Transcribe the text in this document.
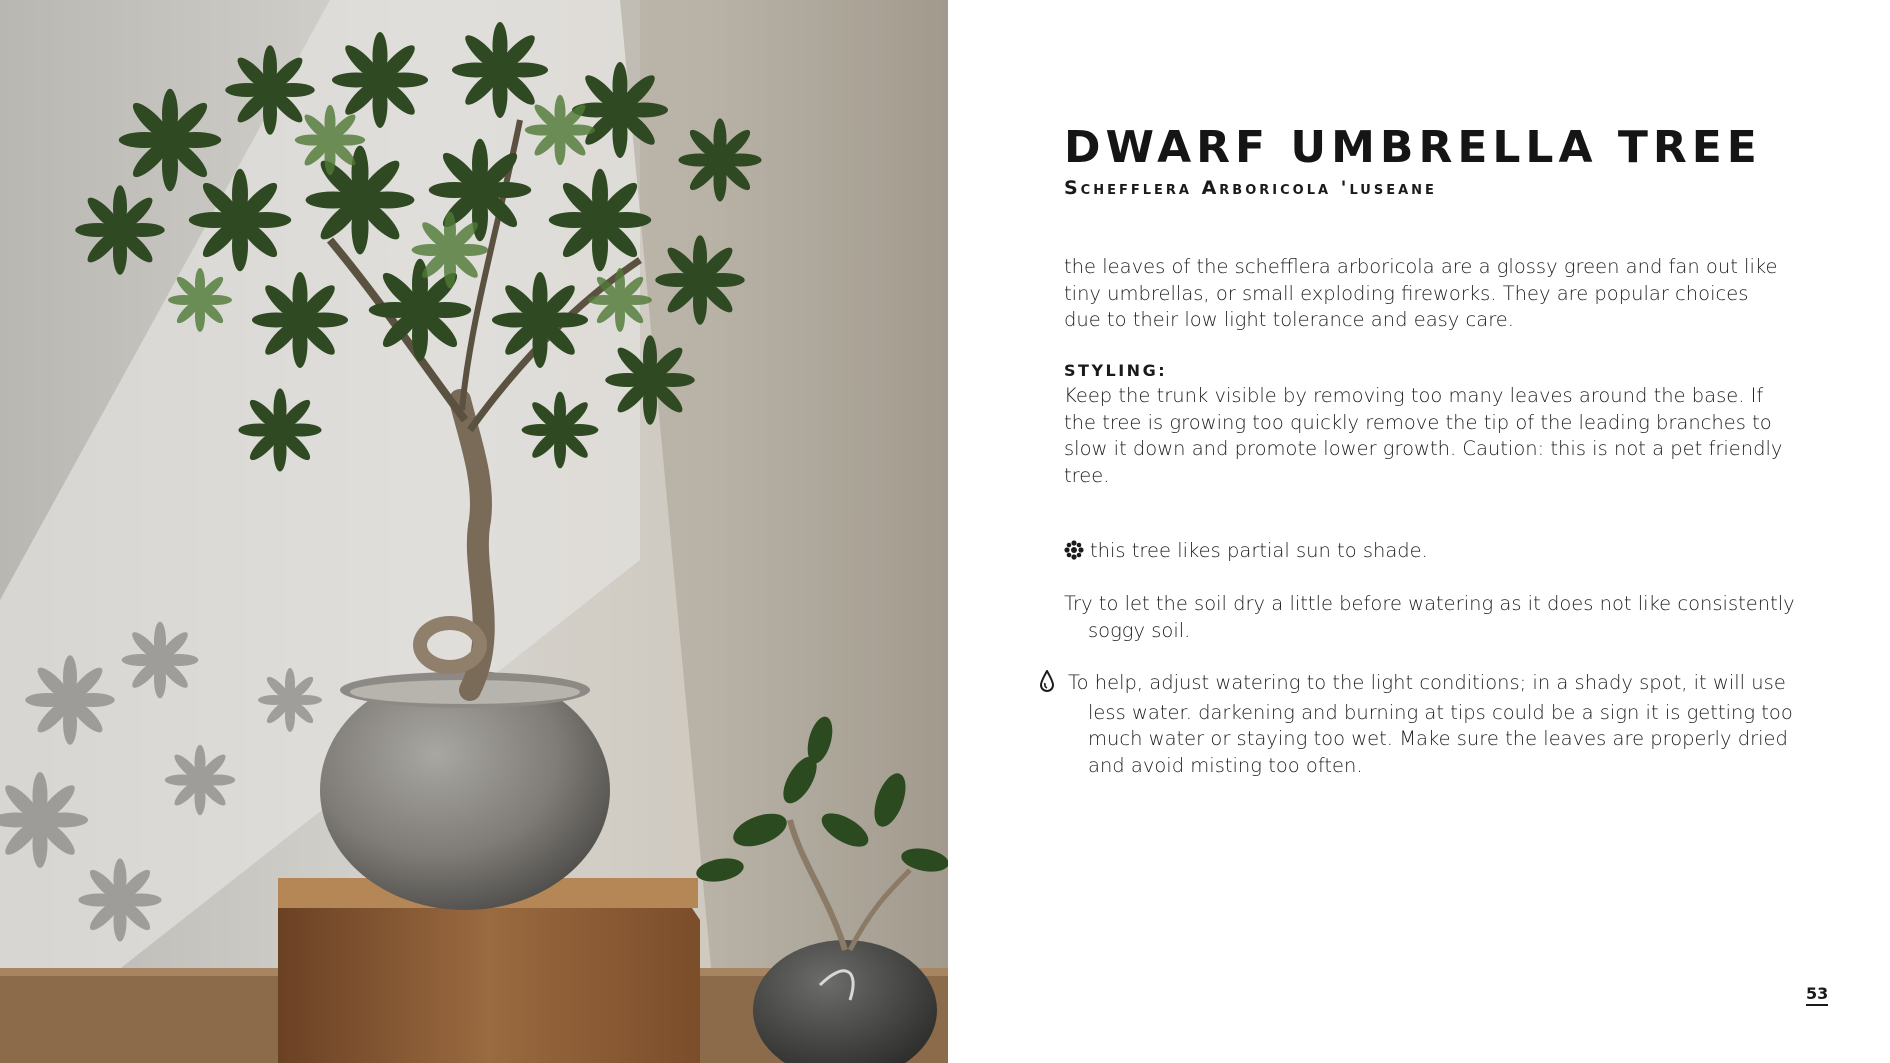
DWARF UMBRELLA TREE
Schefflera Arboricola 'luseane

the leaves of the schefflera arboricola are a glossy green and fan out like tiny umbrellas, or small exploding fireworks. They are popular choices due to their low light tolerance and easy care.

STYLING:

Keep the trunk visible by removing too many leaves around the base. If the tree is growing too quickly remove the tip of the leading branches to slow it down and promote lower growth. Caution: this is not a pet friendly tree.

this tree likes partial sun to shade.

Try to let the soil dry a little before watering as it does not like consistently soggy soil.

To help, adjust watering to the light conditions; in a shady spot, it will use less water. darkening and burning at tips could be a sign it is getting too much water or staying too wet. Make sure the leaves are properly dried and avoid misting too often.

53
